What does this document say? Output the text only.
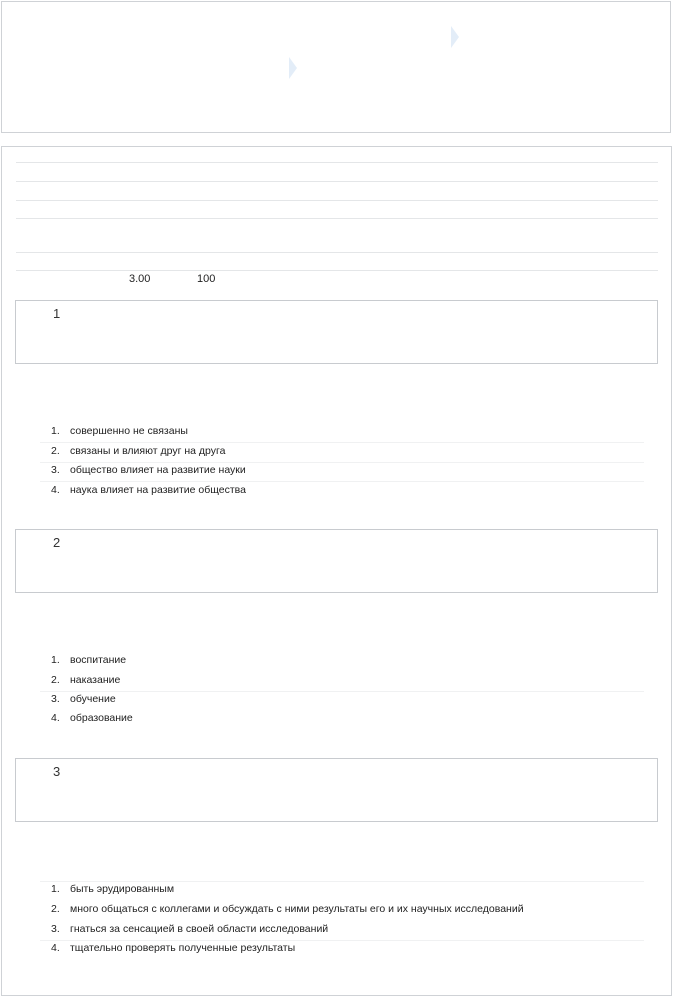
3.00	100
1
1. совершенно не связаны
2. связаны и влияют друг на друга
3. общество влияет на развитие науки
4. наука влияет на развитие общества
2
1. воспитание
2. наказание
3. обучение
4. образование
3
1. быть эрудированным
2. много общаться с коллегами и обсуждать с ними результаты его и их научных исследований
3. гнаться за сенсацией в своей области исследований
4. тщательно проверять полученные результаты
